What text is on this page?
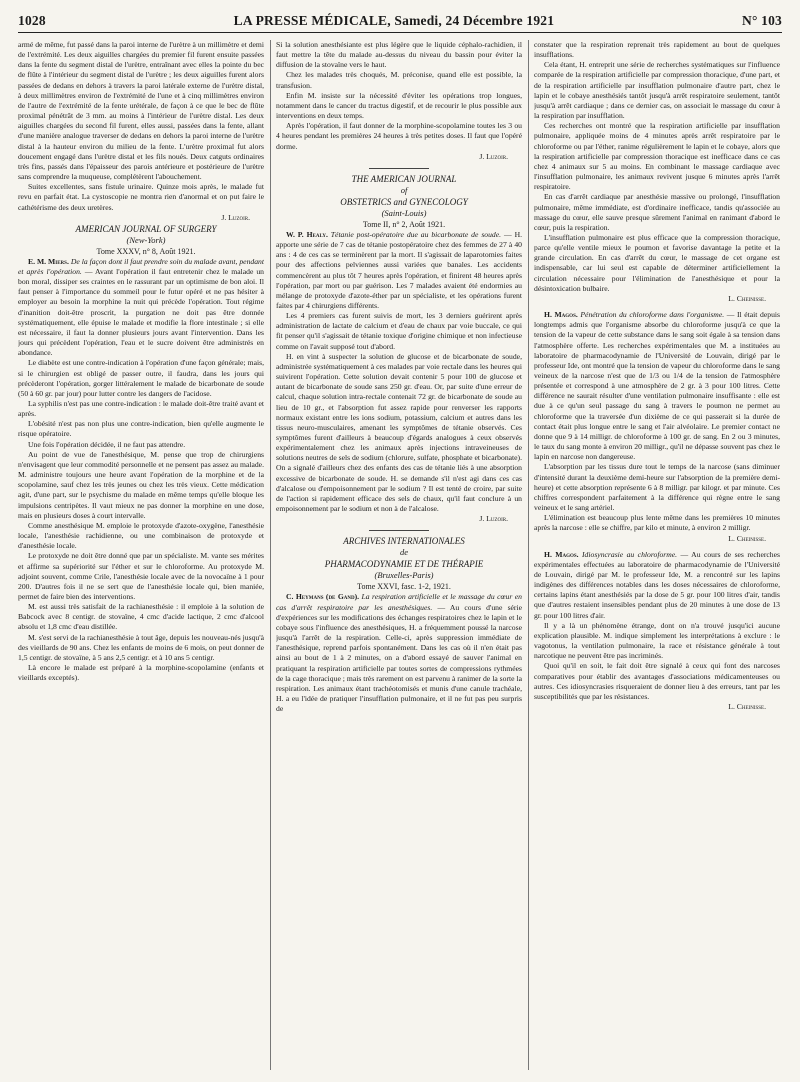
1028	LA PRESSE MÉDICALE, Samedi, 24 Décembre 1921	N° 103

armé de même, fut passé dans la paroi interne de l'urètre à un millimètre et demi de l'extrémité. Les deux aiguilles chargées du premier fil furent ensuite passées dans la fente du segment distal de l'urètre, entraînant avec elles la pointe du bec de flûte à l'intérieur du segment distal de l'urètre ; les deux aiguilles furent alors passées de dedans en dehors à travers la paroi latérale externe de l'urètre distal, à deux millimètres environ de l'extrémité de l'une et à cinq millimètres environ de l'autre de l'extrémité de la fente urétérale, de façon à ce que le bec de flûte proximal pénétrât de 3 mm. au moins à l'intérieur de l'urètre distal. Les deux aiguilles chargées du second fil furent, elles aussi, passées dans la fente, allant d'une manière analogue traverser de dedans en dehors la paroi interne de l'urètre distal à la hauteur environ du milieu de la fente. L'urètre proximal fut alors doucement engagé dans l'urètre distal et les fils noués. Deux catguts ordinaires très fins, passés dans l'épaisseur des parois antérieure et postérieure de l'urètre sans comprendre la muqueuse, complétèrent l'abouchement.

Suites excellentes, sans fistule urinaire. Quinze mois après, le malade fut revu en parfait état. La cystoscopie ne montra rien d'anormal et on put faire le cathétérisme des deux uretères.

J. Luzoir.

AMERICAN JOURNAL OF SURGERY

(New-York)

Tome XXXV, n° 8, Août 1921.

E. M. Miers. De la façon dont il faut prendre soin du malade avant, pendant et après l'opération. — Avant l'opération il faut entretenir chez le malade un bon moral, dissiper ses craintes en le rassurant par un optimisme de bon aloi. Il faut penser à l'importance du sommeil pour le futur opéré et ne pas hésiter à employer au besoin la morphine la nuit qui précède l'opération. Tout régime d'inanition doit-être proscrit, la purgation ne doit pas être donnée systématiquement, elle épuise le malade et modifie la flore intestinale ; si elle est nécessaire, il faut la donner plusieurs jours avant l'intervention. Dans les jours qui précèdent l'opération, l'eau et le sucre doivent être administrés en abondance.

Le diabète est une contre-indication à l'opération d'une façon générale; mais, si le chirurgien est obligé de passer outre, il faudra, dans les jours qui précèderont l'opération, gorger littéralement le malade de bicarbonate de soude (50 à 60 gr. par jour) pour lutter contre les dangers de l'acidose.

La syphilis n'est pas une contre-indication : le malade doit-être traité avant et après.

L'obésité n'est pas non plus une contre-indication, bien qu'elle augmente le risque opératoire.

Une fois l'opération décidée, il ne faut pas attendre.

Au point de vue de l'anesthésique, M. pense que trop de chirurgiens n'envisagent que leur commodité personnelle et ne pensent pas assez au malade. M. administre toujours une heure avant l'opération de la morphine et de la scopolamine, sauf chez les très jeunes ou chez les très vieux. Cette médication agit, d'une part, sur le psychisme du malade en même temps qu'elle bloque les impulsions centripètes. Il vaut mieux ne pas donner la morphine en une dose, mais en plusieurs doses à court intervalle.

Comme anesthésique M. emploie le protoxyde d'azote-oxygène, l'anesthésie locale, l'anesthésie rachidienne, ou une combinaison de protoxyde et d'anesthésie locale.

Le protoxyde ne doit être donné que par un spécialiste. M. vante ses mérites et affirme sa supériorité sur l'éther et sur le chloroforme. Au protoxyde M. adjoint souvent, comme Crile, l'anesthésie locale avec de la novocaïne à 1 pour 200. D'autres fois il ne se sert que de l'anesthésie locale qui, bien maniée, permet de faire bien des interventions.

M. est aussi très satisfait de la rachianesthésie : il emploie à la solution de Babcock avec 8 centigr. de stovaïne, 4 cmc d'acide lactique, 2 cmc d'alcool absolu et 1,8 cmc d'eau distillée.

M. s'est servi de la rachianesthésie à tout âge, depuis les nouveau-nés jusqu'à des vieillards de 90 ans. Chez les enfants de moins de 6 mois, on peut donner de 1,5 centigr. de stovaïne, à 5 ans 2,5 centigr. et à 10 ans 5 centigr.

Là encore le malade est préparé à la morphine-scopolamine (enfants et vieillards exceptés).

Si la solution anesthésiante est plus légère que le liquide céphalo-rachidien, il faut mettre la tête du malade au-dessus du niveau du bassin pour éviter la diffusion de la stovaïne vers le haut.

Chez les malades très choqués, M. préconise, quand elle est possible, la transfusion.

Enfin M. insiste sur la nécessité d'éviter les opérations trop longues, notamment dans le cancer du tractus digestif, et de recourir le plus possible aux interventions en deux temps.

Après l'opération, il faut donner de la morphine-scopolamine toutes les 3 ou 4 heures pendant les premières 24 heures à très petites doses. Il faut que l'opéré dorme.

J. Luzoir.

THE AMERICAN JOURNAL

of

OBSTETRICS and GYNECOLOGY

(Saint-Louis)

Tome II, n° 2, Août 1921.

W. P. Healy. Tétanie post-opératoire due au bicarbonate de soude. — H. apporte une série de 7 cas de tétanie postopératoire chez des femmes de 27 à 40 ans : 4 de ces cas se terminèrent par la mort. Il s'agissait de laparotomies faites pour des affections pelviennes aussi variées que banales. Les accidents commencèrent au plus tôt 7 heures après l'opération, et finirent 48 heures après l'opération, par mort ou par guérison. Les 7 malades avaient été endormies au mélange de protoxyde d'azote-éther par un spécialiste, et les opérations furent faites par 4 chirurgiens différents.

Les 4 premiers cas furent suivis de mort, les 3 derniers guérirent après administration de lactate de calcium et d'eau de chaux par voie buccale, ce qui fit penser qu'il s'agissait de tétanie toxique d'origine chimique et non infectieuse comme on l'avait supposé tout d'abord.

H. en vint à suspecter la solution de glucose et de bicarbonate de soude, administrée systématiquement à ces malades par voie rectale dans les heures qui suivirent l'opération. Cette solution devait contenir 5 pour 100 de glucose et autant de bicarbonate de soude sans 250 gr. d'eau. Or, par suite d'une erreur de calcul, chaque solution intra-rectale contenait 72 gr. de bicarbonate de soude au lieu de 10 gr., et l'absorption fut assez rapide pour renverser les rapports normaux existant entre les ions sodium, potassium, calcium et autres dans les tissus neuro-musculaires, amenant les symptômes de tétanie observés. Ces symptômes furent d'ailleurs à beaucoup d'égards analogues à ceux observés expérimentalement chez les animaux après injections intraveineuses de solutions neutres de sels de sodium (chlorure, sulfate, phosphate et bicarbonate). On a signalé d'ailleurs chez des enfants des cas de tétanie liés à une absorption excessive de bicarbonate de soude. H. se demande s'il n'est agi dans ces cas d'alcalose ou d'empoisonnement par le sodium ? Il est tenté de croire, par suite de l'action si rapidement efficace des sels de chaux, qu'il faut conclure à un empoisonnement par le sodium et non à de l'alcalose.

J. Luzoir.

ARCHIVES INTERNATIONALES

de

PHARMACODYNAMIE ET DE THÉRAPIE

(Bruxelles-Paris)

Tome XXVI, fasc. 1-2, 1921.

C. Heymans (de Gand). La respiration artificielle et le massage du cœur en cas d'arrêt respiratoire par les anesthésiques. — Au cours d'une série d'expériences sur les modifications des échanges respiratoires chez le lapin et le cobaye sous l'influence des anesthésiques, H. a fréquemment poussé la narcose jusqu'à l'arrêt de la respiration. Celle-ci, après suppression immédiate de l'anesthésique, reprend parfois spontanément. Dans les cas où il n'en était pas ainsi au bout de 1 à 2 minutes, on a d'abord essayé de sauver l'animal en pratiquant la respiration artificielle par toutes sortes de compressions rythmées de la cage thoracique ; mais très rarement on est parvenu à ranimer de la sorte la respiration. Les animaux étant trachéotomisés et munis d'une canule trachéale, H. a eu l'idée de pratiquer l'insufflation pulmonaire, et il ne fut pas peu surpris de

constater que la respiration reprenait très rapidement au bout de quelques insufflations.

Cela étant, H. entreprit une série de recherches systématiques sur l'influence comparée de la respiration artificielle par compression thoracique, d'une part, et de la respiration artificielle par insufflation pulmonaire d'autre part, chez le lapin et le cobaye anesthésiés tantôt jusqu'à arrêt respiratoire seulement, tantôt jusqu'à arrêt cardiaque ; dans ce dernier cas, on associait le massage du cœur à la respiration par insufflation.

Ces recherches ont montré que la respiration artificielle par insufflation pulmonaire, appliquée moins de 4 minutes après arrêt respiratoire par le chloroforme ou par l'éther, ranime régulièrement le lapin et le cobaye, alors que la respiration artificielle par compression thoracique est inefficace dans ce cas chez 4 animaux sur 5 au moins. En combinant le massage cardiaque avec l'insufflation pulmonaire, les animaux revivent jusque 6 minutes après l'arrêt respiratoire.

En cas d'arrêt cardiaque par anesthésie massive ou prolongé, l'insufflation pulmonaire, même immédiate, est d'ordinaire inefficace, tandis qu'associée au massage du cœur, elle sauve presque sûrement l'animal en ranimant d'abord le cœur, puis la respiration.

L'insufflation pulmonaire est plus efficace que la compression thoracique, parce qu'elle ventile mieux le poumon et favorise davantage la petite et la grande circulation. En cas d'arrêt du cœur, le massage de cet organe est indispensable, car lui seul est capable de déterminer artificiellement la circulation nécessaire pour l'élimination de l'anesthésique et pour la désintoxication bulbaire.

L. Cheinisse.

H. Magos. Pénétration du chloroforme dans l'organisme. — Il était depuis longtemps admis que l'organisme absorbe du chloroforme jusqu'à ce que la tension de la vapeur de cette substance dans le sang soit égale à sa tension dans l'atmosphère offerte. Les recherches expérimentales que M. a instituées au laboratoire de pharmacodynamie de l'Université de Louvain, dirigé par le professeur Ide, ont montré que la tension de vapeur du chloroforme dans le sang veineux de la narcose n'est que de 1/3 ou 1/4 de la tension de l'atmosphère présentée et correspond à une atmosphère de 2 gr. à 3 pour 100 litres. Cette différence ne saurait résulter d'une ventilation pulmonaire insuffisante : elle est due à ce qu'un seul passage du sang à travers le poumon ne permet au chloroforme que la traversée d'un dixième de ce qui passerait si la durée de contact était plus longue entre le sang et l'air alvéolaire. Le premier contact ne donne que 9 à 14 milligr. de chloroforme à 100 gr. de sang. En 2 ou 3 minutes, le taux du sang monte à environ 20 milligr., qu'il ne dépasse souvent pas chez le lapin en narcose non dangereuse.

L'absorption par les tissus dure tout le temps de la narcose (sans diminuer d'intensité durant la deuxième demi-heure sur l'absorption de la première demi-heure) et cette absorption représente 6 à 8 milligr. par kilogr. et par minute. Ces chiffres correspondent parfaitement à la différence qui règne entre le sang veineux et le sang artériel.

L'élimination est beaucoup plus lente même dans les premières 10 minutes après la narcose : elle se chiffre, par kilo et minute, à environ 2 milligr.

L. Cheinisse.

H. Magos. Idiosyncrasie au chloroforme. — Au cours de ses recherches expérimentales effectuées au laboratoire de pharmacodynamie de l'Université de Louvain, dirigé par M. le professeur Ide, M. a rencontré sur les lapins indigènes des différences notables dans les doses nécessaires de chloroforme, certains lapins étant anesthésiés par la dose de 5 gr. pour 100 litres d'air, tandis que d'autres restaient insensibles pendant plus de 20 minutes à une dose de 13 gr. pour 100 litres d'air.

Il y a là un phénomène étrange, dont on n'a trouvé jusqu'ici aucune explication plausible. M. indique simplement les interprétations à exclure : le vagotonus, la ventilation pulmonaire, la race et résistance générale à tout narcotique ne peuvent être pas incriminés.

Quoi qu'il en soit, le fait doit être signalé à ceux qui font des narcoses comparatives pour établir des avantages d'associations médicamenteuses ou autres. Ces idiosyncrasies risqueraient de donner lieu à des erreurs, tant par les susceptibilités que par les résistances.

L. Cheinisse.
